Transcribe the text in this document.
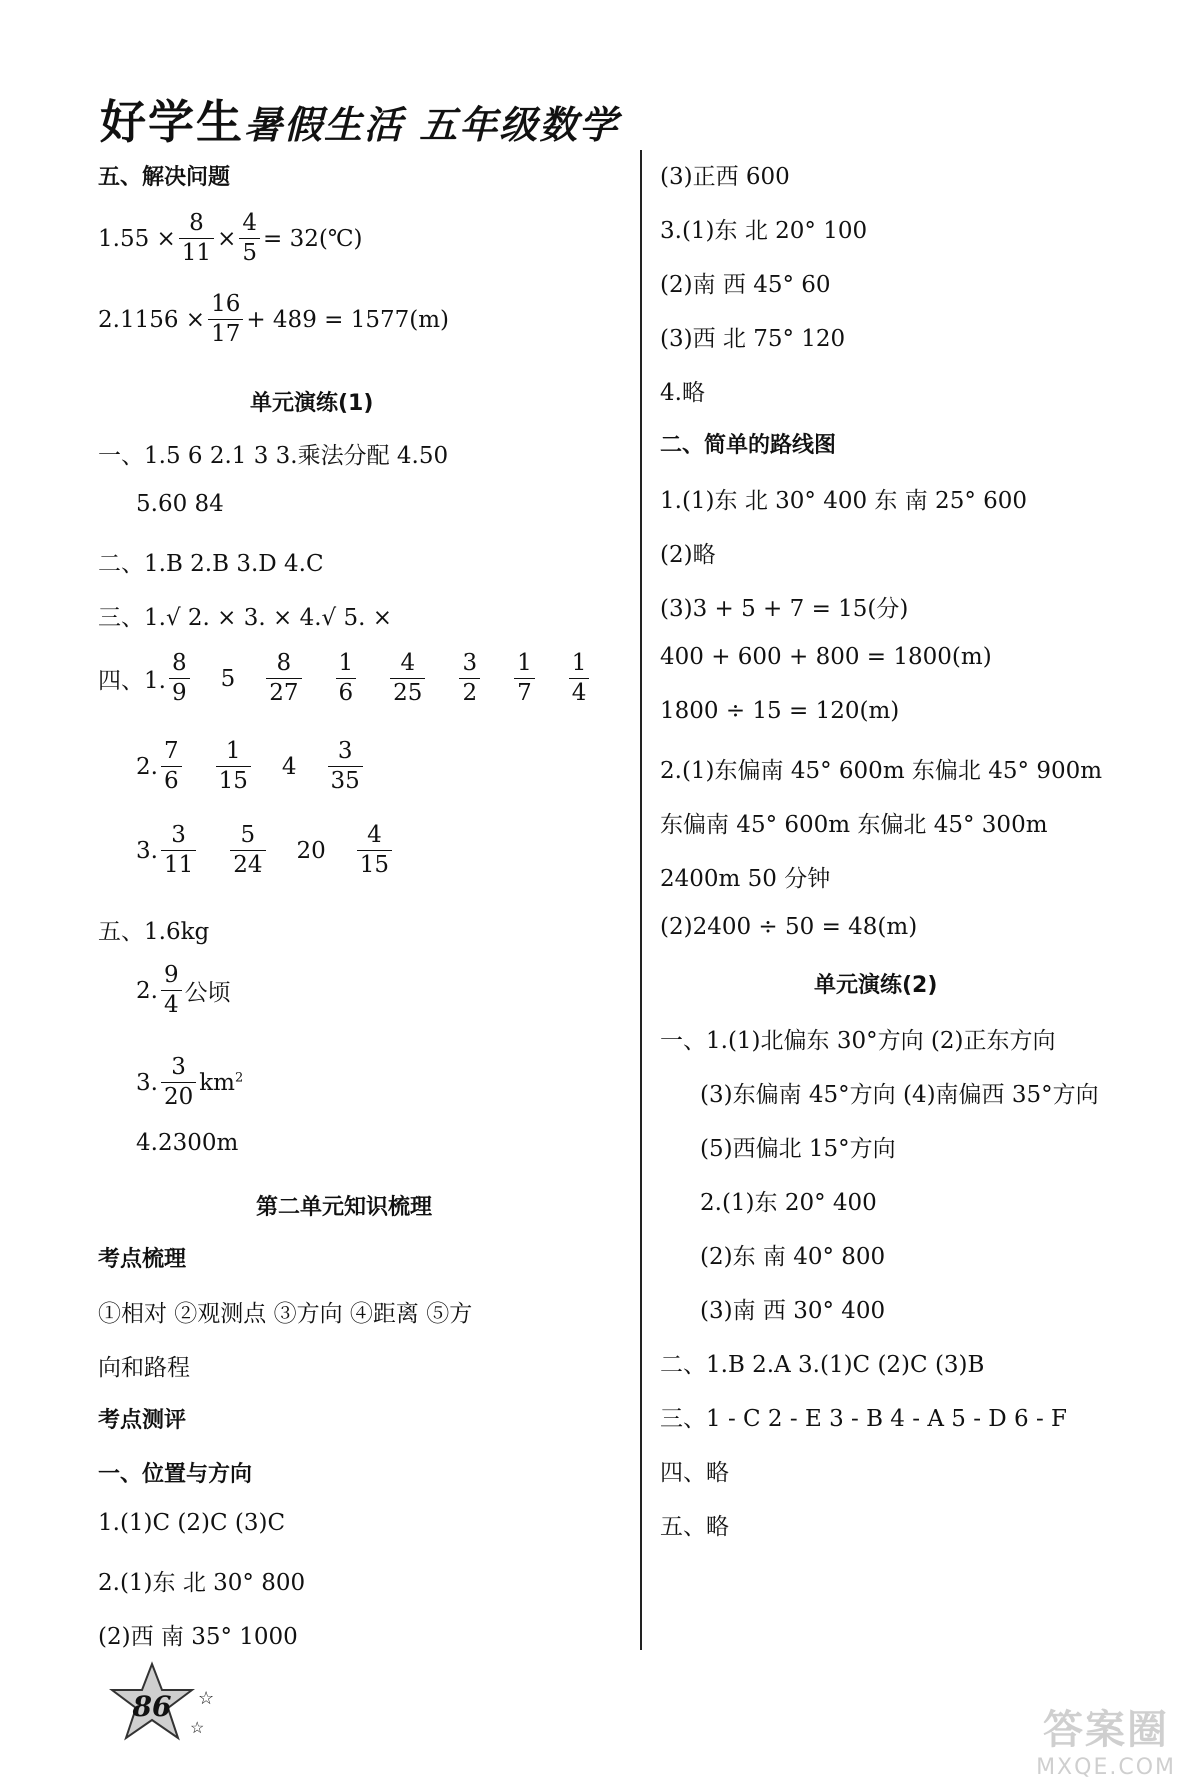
好学生暑假生活 五年级数学
五、解决问题
$1.55 \times \frac{8}{11} \times \frac{4}{5}$ = 32(℃)
$2.1156 \times \frac{16}{17} + 489 = 1577(m)$
单元演练(1)
一、1.5 6 2.1 3 3.乘法分配 4.50
5.60 84
二、1.B 2.B 3.D 4.C
三、1.√ 2. × 3. × 4.√ 5. ×
四、1. $\frac{8}{9} 5 \frac{8}{27} \frac{1}{6} \frac{4}{25} \frac{3}{2} \frac{1}{7} \frac{1}{4}$
2. $\frac{7}{6} \frac{1}{15} 4 \frac{3}{35}$
3. $\frac{3}{11} \frac{5}{24} 20 \frac{4}{15}$
五、1.6kg
2. $\frac{9}{4}$ 公顷
3. $\frac{3}{20} km^2$
4.2300m
第二单元知识梳理
考点梳理
①相对 ②观测点 ③方向 ④距离 ⑤方
向和路程
考点测评
一、位置与方向
1.(1)C (2)C (3)C
2.(1)东 北 30° 800
(2)西 南 35° 1000
(3)正西 600
3.(1)东 北 20° 100
(2)南 西 45° 60
(3)西 北 75° 120
4.略
二、简单的路线图
1.(1)东 北 30° 400 东 南 25° 600
(2)略
(3)3 + 5 + 7 = 15(分)
400 + 600 + 800 = 1800(m)
1800 ÷ 15 = 120(m)
2.(1)东偏南 45° 600m 东偏北 45° 900m
东偏南 45° 600m 东偏北 45° 300m
2400m 50 分钟
(2)2400 ÷ 50 = 48(m)
单元演练(2)
一、1.(1)北偏东 30°方向 (2)正东方向
(3)东偏南 45°方向 (4)南偏西 35°方向
(5)西偏北 15°方向
2.(1)东 20° 400
(2)东 南 40° 800
(3)南 西 30° 400
二、1.B 2.A 3.(1)C (2)C (3)B
三、1 - C 2 - E 3 - B 4 - A 5 - D 6 - F
四、略
五、略
86 ☆
☆	答案圈
MXQE.COM
